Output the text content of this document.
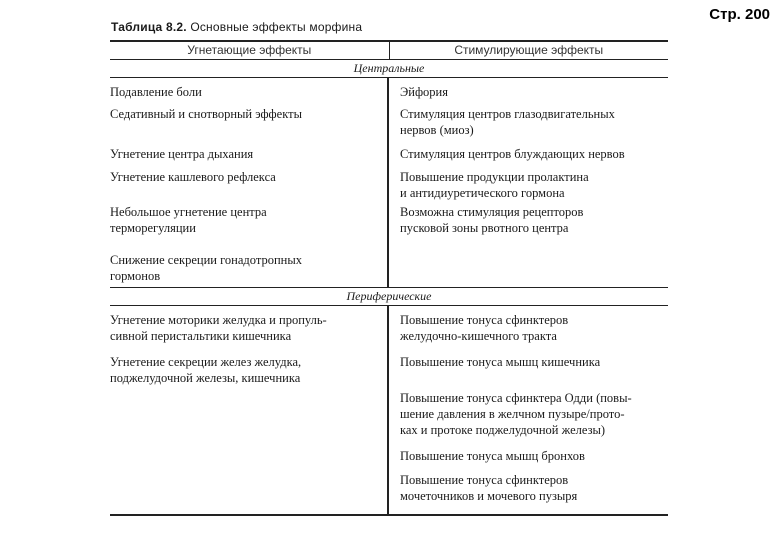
Стр. 200
Таблица 8.2. Основные эффекты морфина
Угнетающие эффекты	Стимулирующие эффекты
Центральные
Подавление боли
Седативный и снотворный эффекты
Угнетение центра дыхания
Угнетение кашлевого рефлекса
Небольшое угнетение центра
терморегуляции
Снижение секреции гонадотропных
гормонов
Эйфория
Стимуляция центров глазодвигательных
нервов (миоз)
Стимуляция центров блуждающих нервов
Повышение продукции пролактина
и антидиуретического гормона
Возможна стимуляция рецепторов
пусковой зоны рвотного центра
Периферические
Угнетение моторики желудка и пропуль-
сивной перистальтики кишечника
Угнетение секреции желез желудка,
поджелудочной железы, кишечника
Повышение тонуса сфинктеров
желудочно-кишечного тракта
Повышение тонуса мышц кишечника
Повышение тонуса сфинктера Одди (повы-
шение давления в желчном пузыре/прото-
ках и протоке поджелудочной железы)
Повышение тонуса мышц бронхов
Повышение тонуса сфинктеров
мочеточников и мочевого пузыря
